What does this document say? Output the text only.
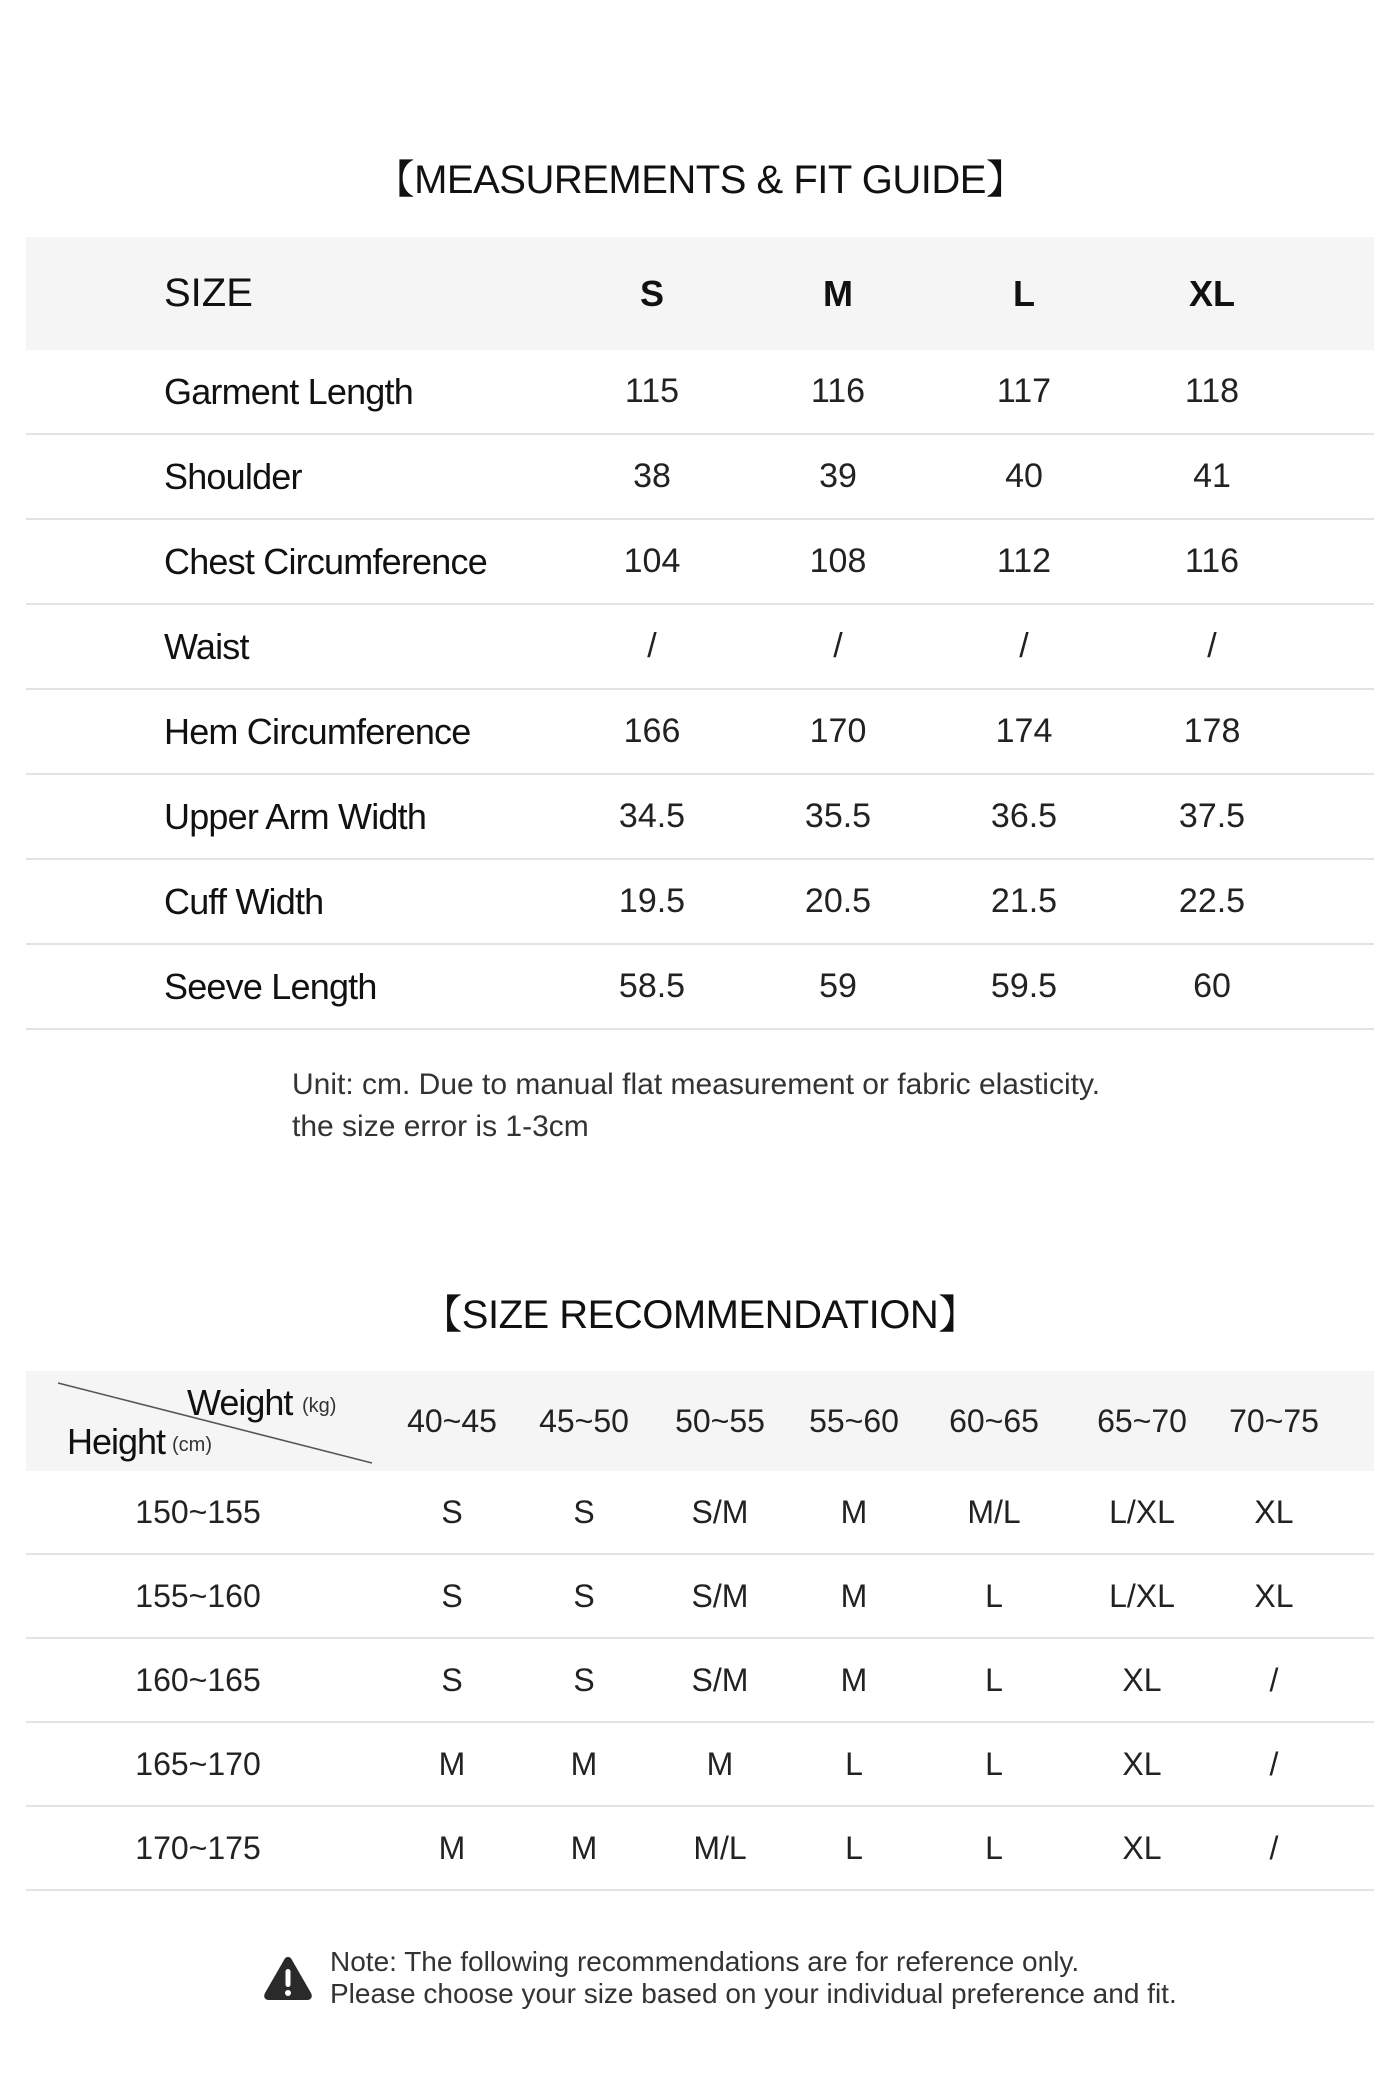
【MEASUREMENTS & FIT GUIDE】
SIZE	S	M	L	XL
Garment Length	115	116	117	118
Shoulder	38	39	40	41
Chest Circumference	104	108	112	116
Waist	/	/	/	/
Hem Circumference	166	170	174	178
Upper Arm Width	34.5	35.5	36.5	37.5
Cuff Width	19.5	20.5	21.5	22.5
Seeve Length	58.5	59	59.5	60
Unit: cm. Due to manual flat measurement or fabric elasticity.
the size error is 1-3cm
【SIZE RECOMMENDATION】
Weight (kg)
Height (cm)
40~45	45~50	50~55	55~60	60~65	65~70	70~75
150~155	S	S	S/M	M	M/L	L/XL	XL
155~160	S	S	S/M	M	L	L/XL	XL
160~165	S	S	S/M	M	L	XL	/
165~170	M	M	M	L	L	XL	/
170~175	M	M	M/L	L	L	XL	/
Note: The following recommendations are for reference only.
Please choose your size based on your individual preference and fit.
